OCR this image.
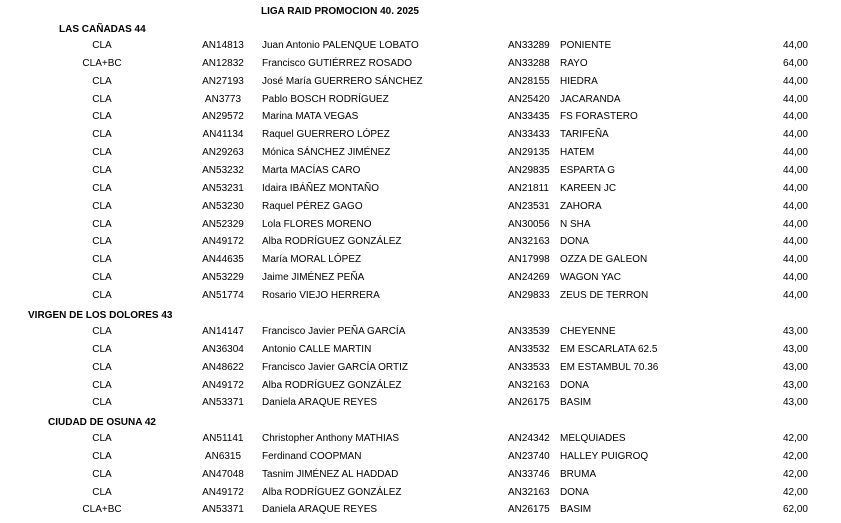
LIGA RAID PROMOCION 40. 2025
LAS CAÑADAS 44
CLA	AN14813	Juan Antonio PALENQUE LOBATO	AN33289 PONIENTE	44,00
CLA+BC	AN12832	Francisco GUTIÉRREZ ROSADO	AN33288 RAYO	64,00
CLA	AN27193	José María GUERRERO SÁNCHEZ	AN28155 HIEDRA	44,00
CLA	AN3773	Pablo BOSCH RODRÍGUEZ	AN25420 JACARANDA	44,00
CLA	AN29572	Marina MATA VEGAS	AN33435 FS FORASTERO	44,00
CLA	AN41134	Raquel GUERRERO LÓPEZ	AN33433 TARIFEÑA	44,00
CLA	AN29263	Mónica SÁNCHEZ JIMÉNEZ	AN29135 HATEM	44,00
CLA	AN53232	Marta MACÍAS CARO	AN29835 ESPARTA G	44,00
CLA	AN53231	Idaira IBÁÑEZ MONTAÑO	AN21811 KAREEN JC	44,00
CLA	AN53230	Raquel PÉREZ GAGO	AN23531 ZAHORA	44,00
CLA	AN52329	Lola FLORES MORENO	AN30056 N SHA	44,00
CLA	AN49172	Alba RODRÍGUEZ GONZÁLEZ	AN32163 DONA	44,00
CLA	AN44635	María MORAL LÓPEZ	AN17998 OZZA DE GALEON	44,00
CLA	AN53229	Jaime JIMÉNEZ PEÑA	AN24269 WAGON YAC	44,00
CLA	AN51774	Rosario VIEJO HERRERA	AN29833 ZEUS DE TERRON	44,00
VIRGEN DE LOS DOLORES 43
CLA	AN14147	Francisco Javier PEÑA GARCÍA	AN33539 CHEYENNE	43,00
CLA	AN36304	Antonio CALLE MARTIN	AN33532 EM ESCARLATA 62.5	43,00
CLA	AN48622	Francisco Javier GARCÍA ORTIZ	AN33533 EM ESTAMBUL 70.36	43,00
CLA	AN49172	Alba RODRÍGUEZ GONZÁLEZ	AN32163 DONA	43,00
CLA	AN53371	Daniela ARAQUE REYES	AN26175 BASIM	43,00
CIUDAD DE OSUNA 42
CLA	AN51141	Christopher Anthony MATHIAS	AN24342 MELQUIADES	42,00
CLA	AN6315	Ferdinand COOPMAN	AN23740 HALLEY PUIGROQ	42,00
CLA	AN47048	Tasnim JIMÉNEZ AL HADDAD	AN33746 BRUMA	42,00
CLA	AN49172	Alba RODRÍGUEZ GONZÁLEZ	AN32163 DONA	42,00
CLA+BC	AN53371	Daniela ARAQUE REYES	AN26175 BASIM	62,00
